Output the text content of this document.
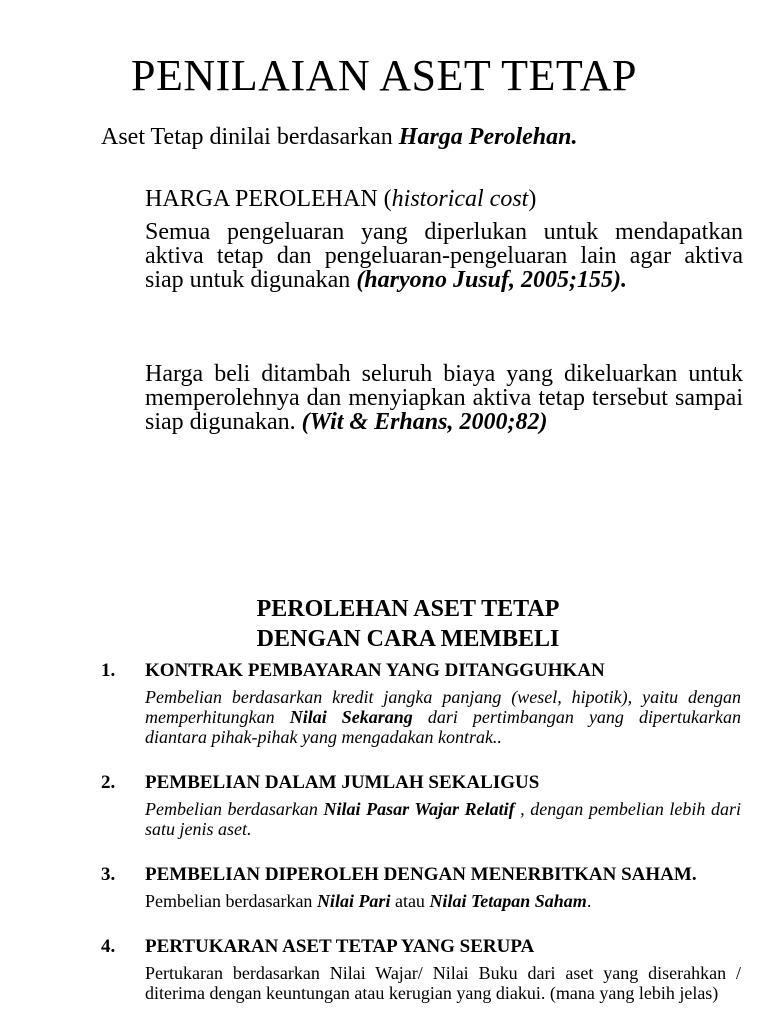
PENILAIAN ASET TETAP
Aset Tetap dinilai berdasarkan Harga Perolehan.
HARGA PEROLEHAN (historical cost)
Semua pengeluaran yang diperlukan untuk mendapatkan aktiva tetap dan pengeluaran-pengeluaran lain agar aktiva siap untuk digunakan (haryono Jusuf, 2005;155).
Harga beli ditambah seluruh biaya yang dikeluarkan untuk memperolehnya dan menyiapkan aktiva tetap tersebut sampai siap digunakan. (Wit & Erhans, 2000;82)
PEROLEHAN ASET TETAP
DENGAN CARA MEMBELI
1. KONTRAK PEMBAYARAN YANG DITANGGUHKAN
Pembelian berdasarkan kredit jangka panjang (wesel, hipotik), yaitu dengan memperhitungkan Nilai Sekarang dari pertimbangan yang dipertukarkan diantara pihak-pihak yang mengadakan kontrak..
2. PEMBELIAN DALAM JUMLAH SEKALIGUS
Pembelian berdasarkan Nilai Pasar Wajar Relatif , dengan pembelian lebih dari satu jenis aset.
3. PEMBELIAN DIPEROLEH DENGAN MENERBITKAN SAHAM.
Pembelian berdasarkan Nilai Pari atau Nilai Tetapan Saham.
4. PERTUKARAN ASET TETAP YANG SERUPA
Pertukaran berdasarkan Nilai Wajar/ Nilai Buku dari aset yang diserahkan / diterima dengan keuntungan atau kerugian yang diakui. (mana yang lebih jelas)
